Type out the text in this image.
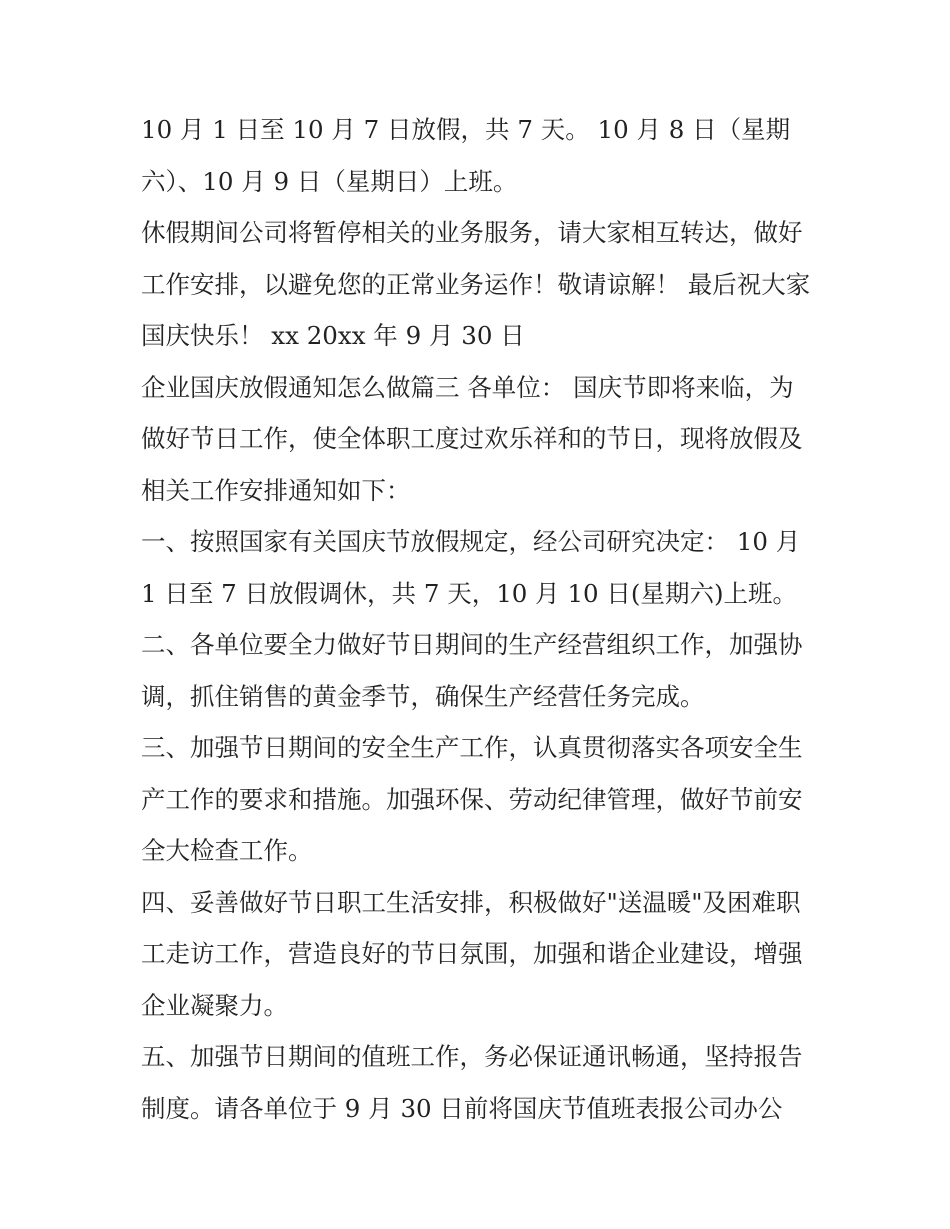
10 月 1 日至 10 月 7 日放假，共 7 天。 10 月 8 日（星期六）、10 月 9 日（星期日）上班。

休假期间公司将暂停相关的业务服务，请大家相互转达，做好工作安排，以避免您的正常业务运作！敬请谅解！ 最后祝大家国庆快乐！ xx 20xx 年 9 月 30 日

企业国庆放假通知怎么做篇三 各单位： 国庆节即将来临，为做好节日工作，使全体职工度过欢乐祥和的节日，现将放假及相关工作安排通知如下：

一、按照国家有关国庆节放假规定，经公司研究决定： 10 月 1 日至 7 日放假调休，共 7 天，10 月 10 日(星期六)上班。

二、各单位要全力做好节日期间的生产经营组织工作，加强协调，抓住销售的黄金季节，确保生产经营任务完成。

三、加强节日期间的安全生产工作，认真贯彻落实各项安全生产工作的要求和措施。加强环保、劳动纪律管理，做好节前安全大检查工作。

四、妥善做好节日职工生活安排，积极做好"送温暖"及困难职工走访工作，营造良好的节日氛围，加强和谐企业建设，增强企业凝聚力。

五、加强节日期间的值班工作，务必保证通讯畅通，坚持报告制度。请各单位于 9 月 30 日前将国庆节值班表报公司办公
